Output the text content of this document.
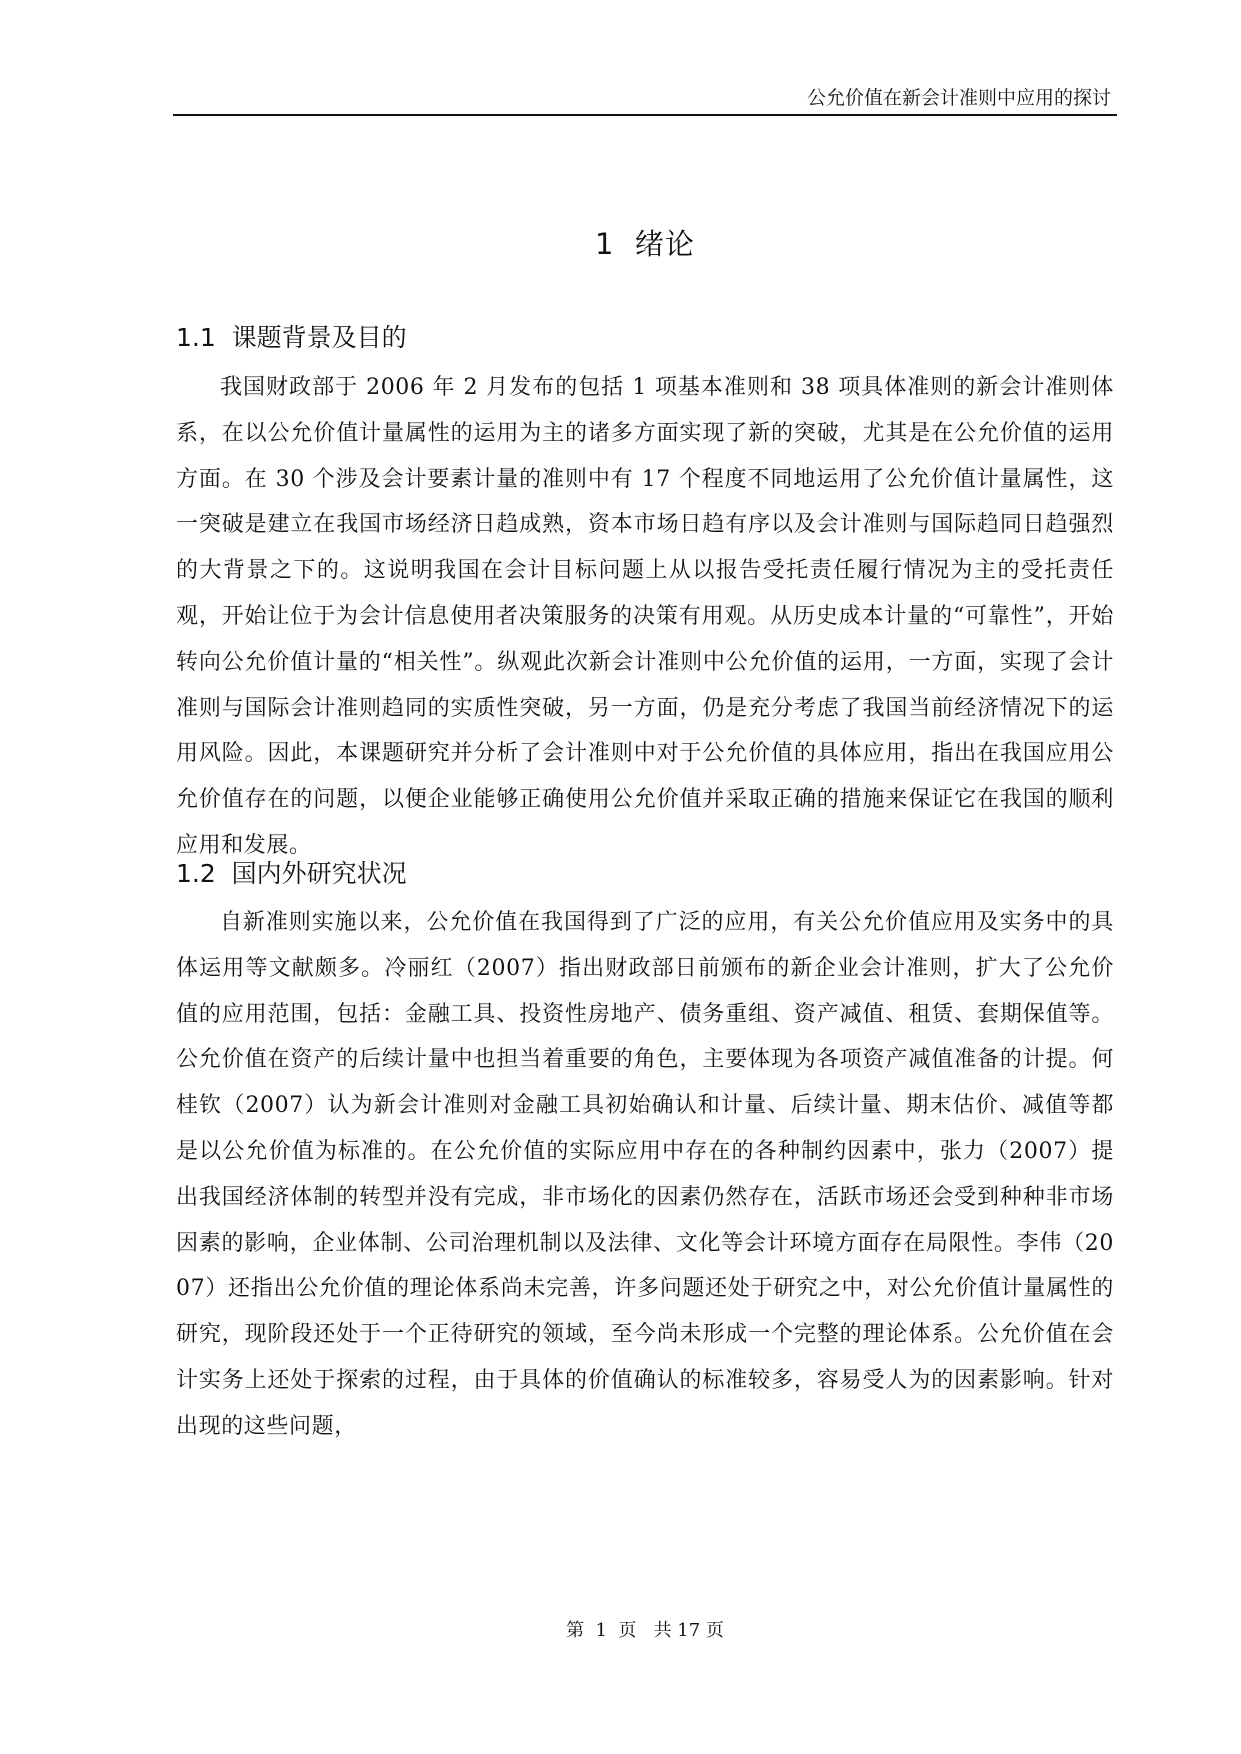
公允价值在新会计准则中应用的探讨
1  绪论
1.1  课题背景及目的

我国财政部于 2006 年 2 月发布的包括 1 项基本准则和 38 项具体准则的新会计准则体系，在以公允价值计量属性的运用为主的诸多方面实现了新的突破，尤其是在公允价值的运用方面。在 30 个涉及会计要素计量的准则中有 17 个程度不同地运用了公允价值计量属性，这一突破是建立在我国市场经济日趋成熟，资本市场日趋有序以及会计准则与国际趋同日趋强烈的大背景之下的。这说明我国在会计目标问题上从以报告受托责任履行情况为主的受托责任观，开始让位于为会计信息使用者决策服务的决策有用观。从历史成本计量的“可靠性”，开始转向公允价值计量的“相关性”。纵观此次新会计准则中公允价值的运用，一方面，实现了会计准则与国际会计准则趋同的实质性突破，另一方面，仍是充分考虑了我国当前经济情况下的运用风险。因此，本课题研究并分析了会计准则中对于公允价值的具体应用，指出在我国应用公允价值存在的问题，以便企业能够正确使用公允价值并采取正确的措施来保证它在我国的顺利应用和发展。

1.2  国内外研究状况

自新准则实施以来，公允价值在我国得到了广泛的应用，有关公允价值应用及实务中的具体运用等文献颇多。冷丽红（2007）指出财政部日前颁布的新企业会计准则，扩大了公允价值的应用范围，包括：金融工具、投资性房地产、债务重组、资产减值、租赁、套期保值等。公允价值在资产的后续计量中也担当着重要的角色，主要体现为各项资产减值准备的计提。何桂钦（2007）认为新会计准则对金融工具初始确认和计量、后续计量、期末估价、减值等都是以公允价值为标准的。在公允价值的实际应用中存在的各种制约因素中，张力（2007）提出我国经济体制的转型并没有完成，非市场化的因素仍然存在，活跃市场还会受到种种非市场因素的影响，企业体制、公司治理机制以及法律、文化等会计环境方面存在局限性。李伟（2007）还指出公允价值的理论体系尚未完善，许多问题还处于研究之中，对公允价值计量属性的研究，现阶段还处于一个正待研究的领域，至今尚未形成一个完整的理论体系。公允价值在会计实务上还处于探索的过程，由于具体的价值确认的标准较多，容易受人为的因素影响。针对出现的这些问题，

第  1  页   共 17 页
